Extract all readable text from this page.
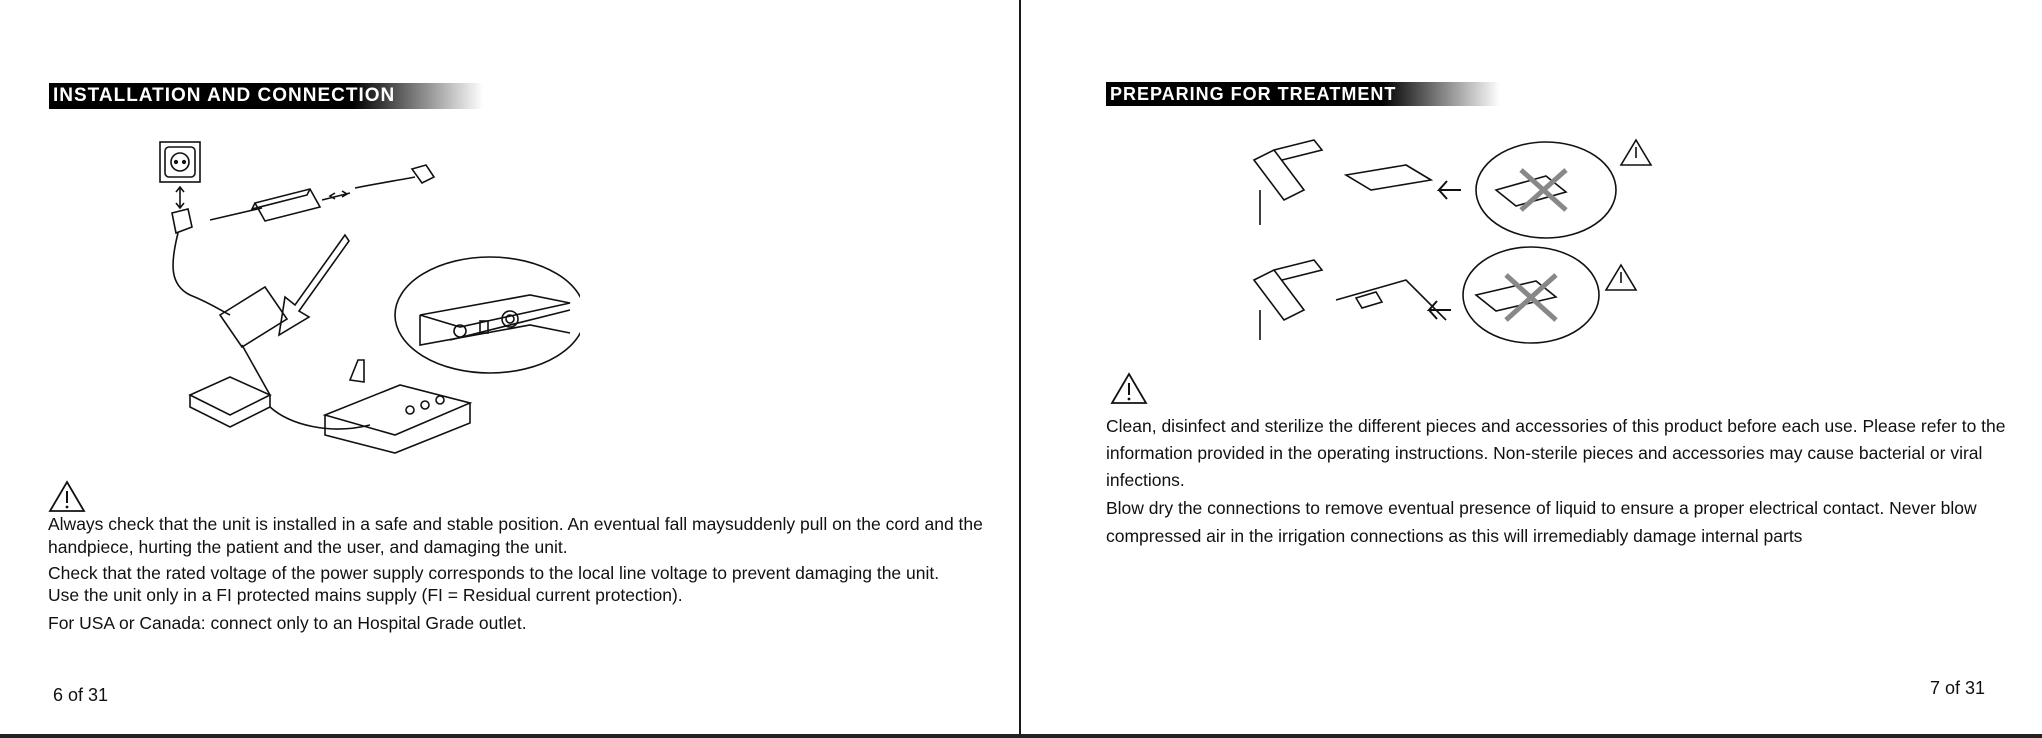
INSTALLATION AND CONNECTION

Always check that the unit is installed in a safe and stable position. An eventual fall maysuddenly pull on the cord and the handpiece, hurting the patient and the user, and damaging the unit.

Check that the rated voltage of the power supply corresponds to the local line voltage to prevent damaging the unit.

Use the unit only in a FI protected mains supply (FI = Residual current protection).

For USA or Canada: connect only to an Hospital Grade outlet.

6 of 31
PREPARING FOR TREATMENT

Clean, disinfect and sterilize the different pieces and accessories of this product before each use. Please refer to the information provided in the operating instructions. Non-sterile pieces and accessories may cause bacterial or viral infections.

Blow dry the connections to remove eventual presence of liquid to ensure a proper electrical contact. Never blow compressed air in the irrigation connections as this will irremediably damage internal parts

7 of 31
